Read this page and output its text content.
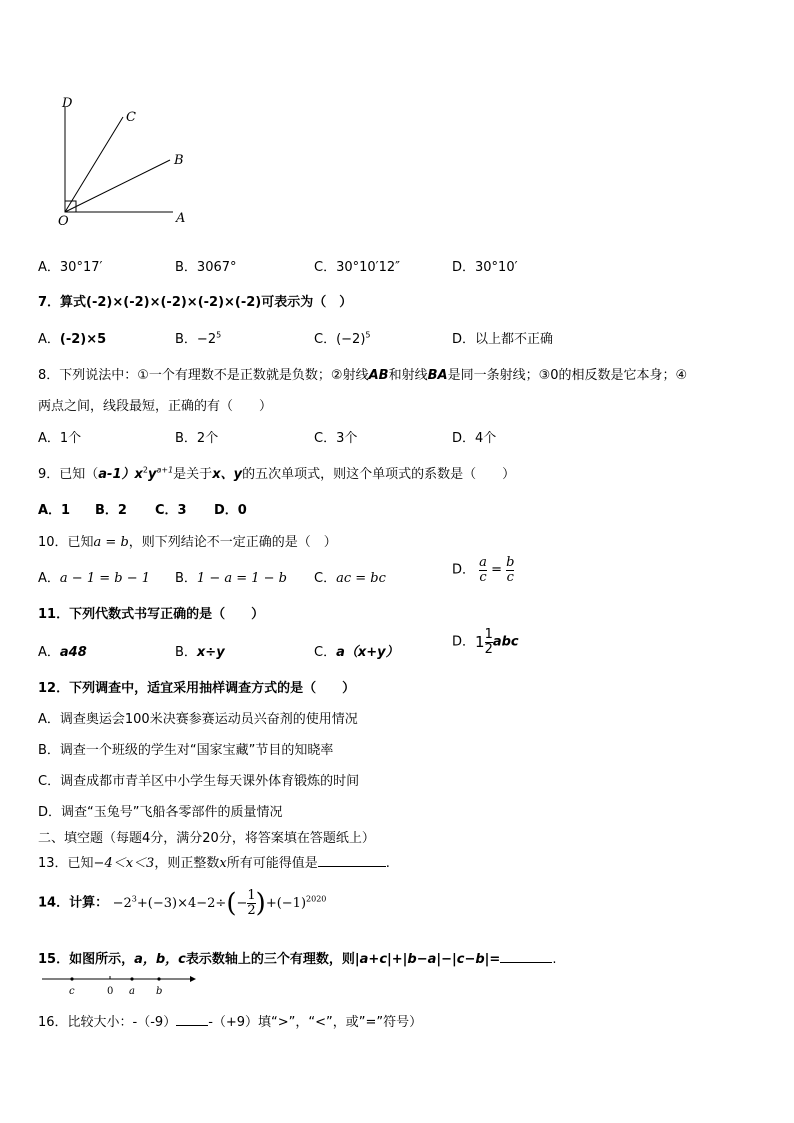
D
C
B
O	A
A．30°17′	B．3067°	C．30°10′12″	D．30°10′
7．算式(-2)×(-2)×(-2)×(-2)×(-2)可表示为（　）
A．(-2)×5	B．$-2^5$	C．$(-2)^5$	D．以上都不正确
8．下列说法中：①一个有理数不是正数就是负数；②射线AB和射线BA是同一条射线；③0的相反数是它本身；④
两点之间，线段最短，正确的有（　　）
A．1个	B．2个	C．3个	D．4个
9．已知$(a-1)x^2y^{a+1}$是关于x、y的五次单项式，则这个单项式的系数是（　　）
A．1 B．2 C．3 D．0
10．已知a = b，则下列结论不一定正确的是（　）
A．a − 1 = b − 1 B．1 − a = 1 − b C．ac = bc
D． $\frac{a}{c} = \frac{b}{c}$
11．下列代数式书写正确的是（　　）
A．a48	B．x÷y	C．a（x+y）
D．$1 \frac{1}{2}$ abc
12．下列调查中，适宜采用抽样调查方式的是（　　）
A．调查奥运会100米决赛参赛运动员兴奋剂的使用情况
B．调查一个班级的学生对“国家宝藏”节目的知晓率
C．调查成都市青羊区中小学生每天课外体育锻炼的时间
D．调查“玉兔号”飞船各零部件的质量情况
二、填空题（每题4分，满分20分，将答案填在答题纸上）
13．已知−4＜x＜3，则正整数x所有可能得值是	.
14．计算： $-2^3+(-3)\times 4-2\div(- \frac{1}{2} )+(-1)^{2020}$
15．如图所示，a，b，c表示数轴上的三个有理数，则|a+c|+|b−a|−|c−b|=	.
c	0 a b
16．比较大小：-（-9） -（+9）填“>”，“<”，或”=”符号）
